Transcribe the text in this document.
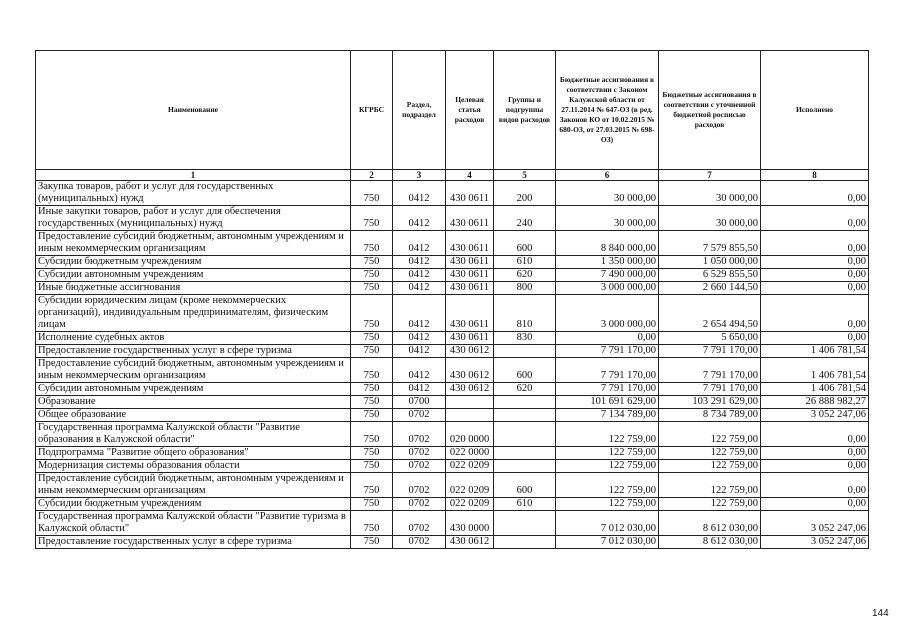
Наименование	КГРБС	Раздел, подраздел	Целевая статья расходов	Группы и подгруппы видов расходов	Бюджетные ассигнования в соответствии с Законом Калужской области от 27.11.2014 № 647-ОЗ (в ред. Законов КО от 10.02.2015 № 680-ОЗ, от 27.03.2015 № 698-ОЗ)	Бюджетные ассигнования в соответствии с уточненной бюджетной росписью расходов	Исполнено
1	2	3	4	5	6	7	8
Закупка товаров, работ и услуг для государственных (муниципальных) нужд	750	0412	430 0611	200	30 000,00	30 000,00	0,00
Иные закупки товаров, работ и услуг для обеспечения государственных (муниципальных) нужд	750	0412	430 0611	240	30 000,00	30 000,00	0,00
Предоставление субсидий бюджетным, автономным учреждениям и иным некоммерческим организациям	750	0412	430 0611	600	8 840 000,00	7 579 855,50	0,00
Субсидии бюджетным учреждениям	750	0412	430 0611	610	1 350 000,00	1 050 000,00	0,00
Субсидии автономным учреждениям	750	0412	430 0611	620	7 490 000,00	6 529 855,50	0,00
Иные бюджетные ассигнования	750	0412	430 0611	800	3 000 000,00	2 660 144,50	0,00
Субсидии юридическим лицам (кроме некоммерческих организаций), индивидуальным предпринимателям, физическим лицам	750	0412	430 0611	810	3 000 000,00	2 654 494,50	0,00
Исполнение судебных актов	750	0412	430 0611	830	0,00	5 650,00	0,00
Предоставление государственных услуг в сфере туризма	750	0412	430 0612		7 791 170,00	7 791 170,00	1 406 781,54
Предоставление субсидий бюджетным, автономным учреждениям и иным некоммерческим организациям	750	0412	430 0612	600	7 791 170,00	7 791 170,00	1 406 781,54
Субсидии автономным учреждениям	750	0412	430 0612	620	7 791 170,00	7 791 170,00	1 406 781,54
Образование	750	0700			101 691 629,00	103 291 629,00	26 888 982,27
Общее образование	750	0702			7 134 789,00	8 734 789,00	3 052 247,06
Государственная программа Калужской области "Развитие образования в Калужской области"	750	0702	020 0000		122 759,00	122 759,00	0,00
Подпрограмма "Развитие общего образования"	750	0702	022 0000		122 759,00	122 759,00	0,00
Модернизация системы образования области	750	0702	022 0209		122 759,00	122 759,00	0,00
Предоставление субсидий бюджетным, автономным учреждениям и иным некоммерческим организациям	750	0702	022 0209	600	122 759,00	122 759,00	0,00
Субсидии бюджетным учреждениям	750	0702	022 0209	610	122 759,00	122 759,00	0,00
Государственная программа Калужской области "Развитие туризма в Калужской области"	750	0702	430 0000		7 012 030,00	8 612 030,00	3 052 247,06
Предоставление государственных услуг в сфере туризма	750	0702	430 0612		7 012 030,00	8 612 030,00	3 052 247,06
144
